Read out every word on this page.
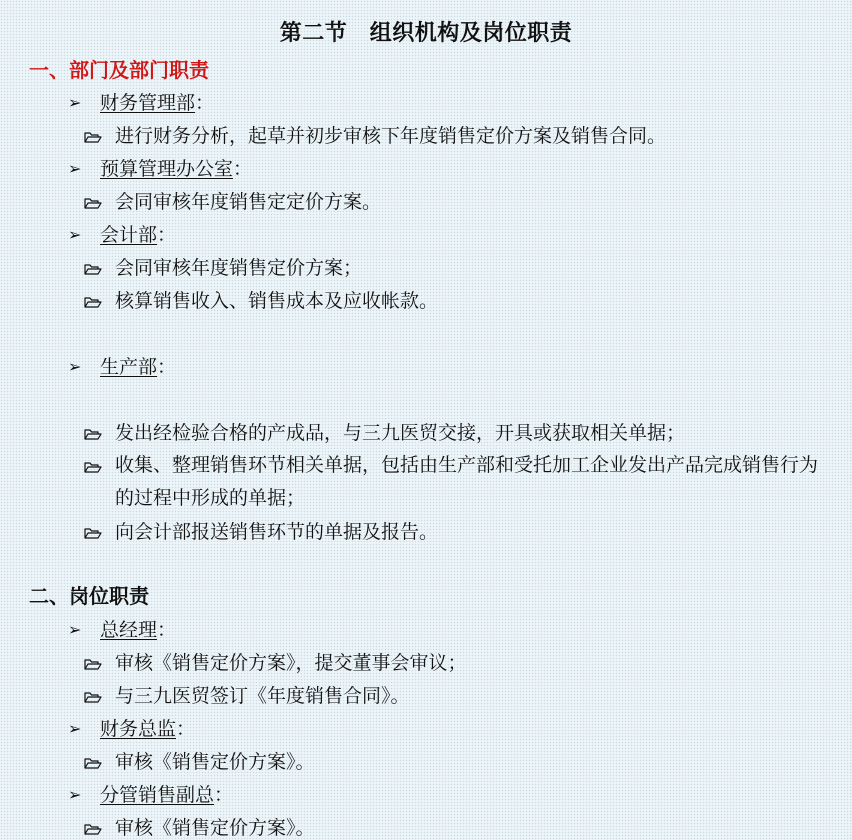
第二节　组织机构及岗位职责
一、部门及部门职责
➢ 财务管理部 ：
进行财务分析，起草并初步审核下年度销售定价方案及销售合同。
➢ 预算管理办公室 ：
会同审核年度销售定定价方案。
➢ 会计部 ：
会同审核年度销售定价方案；
核算销售收入、销售成本及应收帐款。
➢ 生产部 ：
发出经检验合格的产成品，与三九医贸交接，开具或获取相关单据；
收集、整理销售环节相关单据，包括由生产部和受托加工企业发出产品完成销售行为的过程中形成的单据；
向会计部报送销售环节的单据及报告。
二、岗位职责
➢ 总经理 ：
审核《销售定价方案》，提交董事会审议；
与三九医贸签订《年度销售合同》。
➢ 财务总监 ：
审核《销售定价方案》。
➢ 分管销售副总 ：
审核《销售定价方案》。
